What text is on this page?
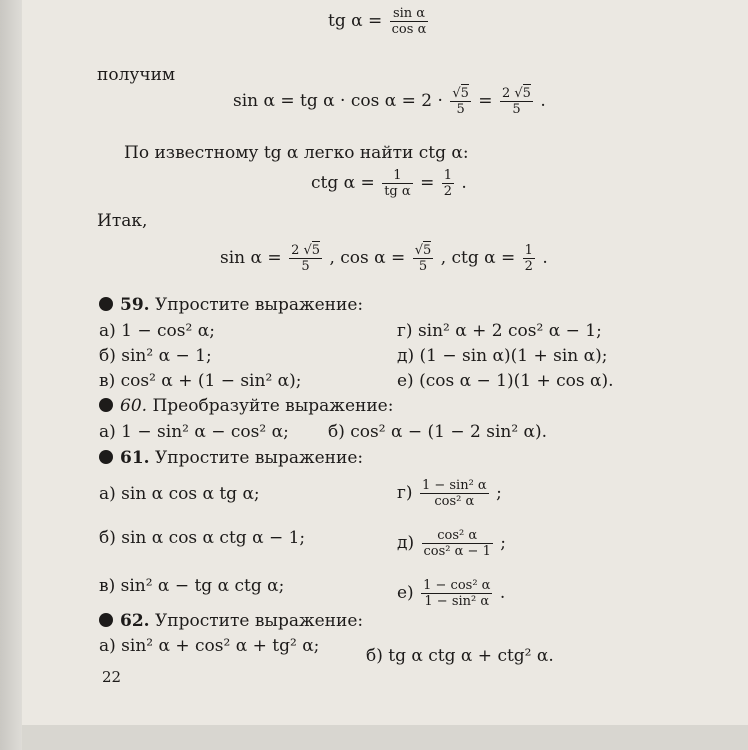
tg $\alpha = \frac{\text{sin α}}{\text{cos α}}$
получим
sin α = tg $\alpha \cdot \cos \alpha = 2 \cdot \frac{√5}{5} = \frac{2 √5}{5}$ .
По известному tg α легко найти ctg α:
ctg $\alpha = \frac{1}{\text{tg α}} = \frac{1}{2}$ .
Итак,
$\sin \alpha = \frac{2 √5}{5}$ , $\cos \alpha = \frac{√5}{5}$ , ctg $\alpha = \frac{1}{2}$ .
59. Упростите выражение:
а) 1 − cos² α;
б) sin² α − 1;
в) cos² α + (1 − sin² α);
г) sin² α + 2 cos² α − 1;
д) (1 − sin α)(1 + sin α);
е) (cos α − 1)(1 + cos α).
60. Преобразуйте выражение:
а) 1 − sin² α − cos² α; б) cos² α − (1 − 2 sin² α).
61. Упростите выражение:
а) sin α cos α tg α;
б) sin α cos α ctg α − 1;
в) sin² α − tg α ctg α;
$г) \frac{\text{1 − sin² α}}{\text{cos² α}}$ ;
$д) \frac{\text{cos² α}}{\text{cos² α − 1}}$ ;
$е) \frac{\text{1 − cos² α}}{\text{1 − sin² α}}$ .
62. Упростите выражение:
а) sin² α + cos² α + tg² α;	б) tg α ctg α + ctg² α.
22
